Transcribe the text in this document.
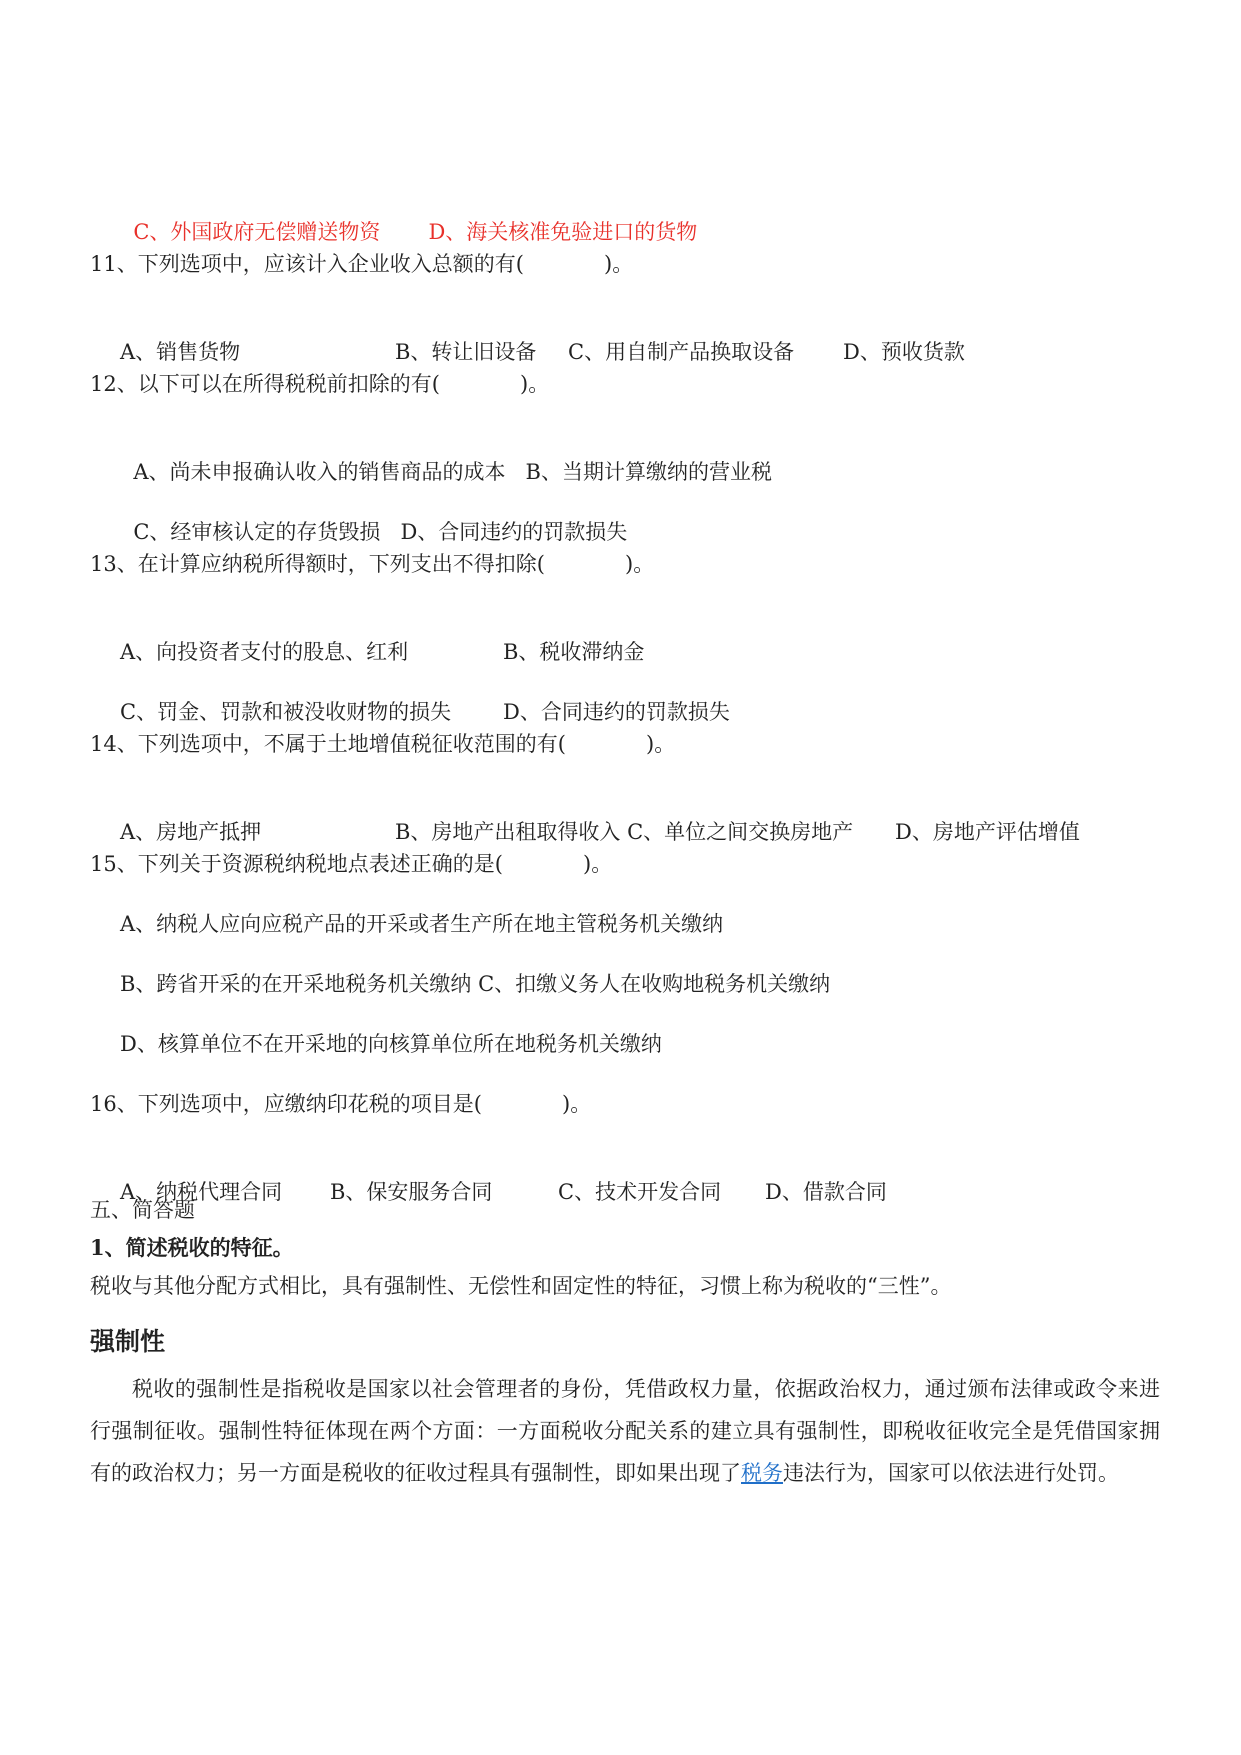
C、外国政府无偿赠送物资 D、海关核准免验进口的货物

11、下列选项中，应该计入企业收入总额的有(            )。

A、销售货物	B、转让旧设备 C、用自制产品换取设备 D、预收货款

12、以下可以在所得税税前扣除的有(            )。

A、尚未申报确认收入的销售商品的成本 B、当期计算缴纳的营业税

C、经审核认定的存货毁损 D、合同违约的罚款损失

13、在计算应纳税所得额时，下列支出不得扣除(            )。

A、向投资者支付的股息、红利	B、税收滞纳金

C、罚金、罚款和被没收财物的损失 D、合同违约的罚款损失

14、下列选项中，不属于土地增值税征收范围的有(            )。

A、房地产抵押	B、房地产出租取得收入 C、单位之间交换房地产 D、房地产评估增值

15、下列关于资源税纳税地点表述正确的是(            )。
A、纳税人应向应税产品的开采或者生产所在地主管税务机关缴纳
B、跨省开采的在开采地税务机关缴纳 C、扣缴义务人在收购地税务机关缴纳
D、核算单位不在开采地的向核算单位所在地税务机关缴纳
16、下列选项中，应缴纳印花税的项目是(            )。

A、纳税代理合同 B、保安服务合同	C、技术开发合同 D、借款合同

五、简答题
1、简述税收的特征。
税收与其他分配方式相比，具有强制性、无偿性和固定性的特征，习惯上称为税收的“三性”。
强制性
税收的强制性是指税收是国家以社会管理者的身份，凭借政权力量，依据政治权力，通过颁布法律或政令来进行强制征收。强制性特征体现在两个方面：一方面税收分配关系的建立具有强制性，即税收征收完全是凭借国家拥有的政治权力；另一方面是税收的征收过程具有强制性，即如果出现了税务违法行为，国家可以依法进行处罚。
